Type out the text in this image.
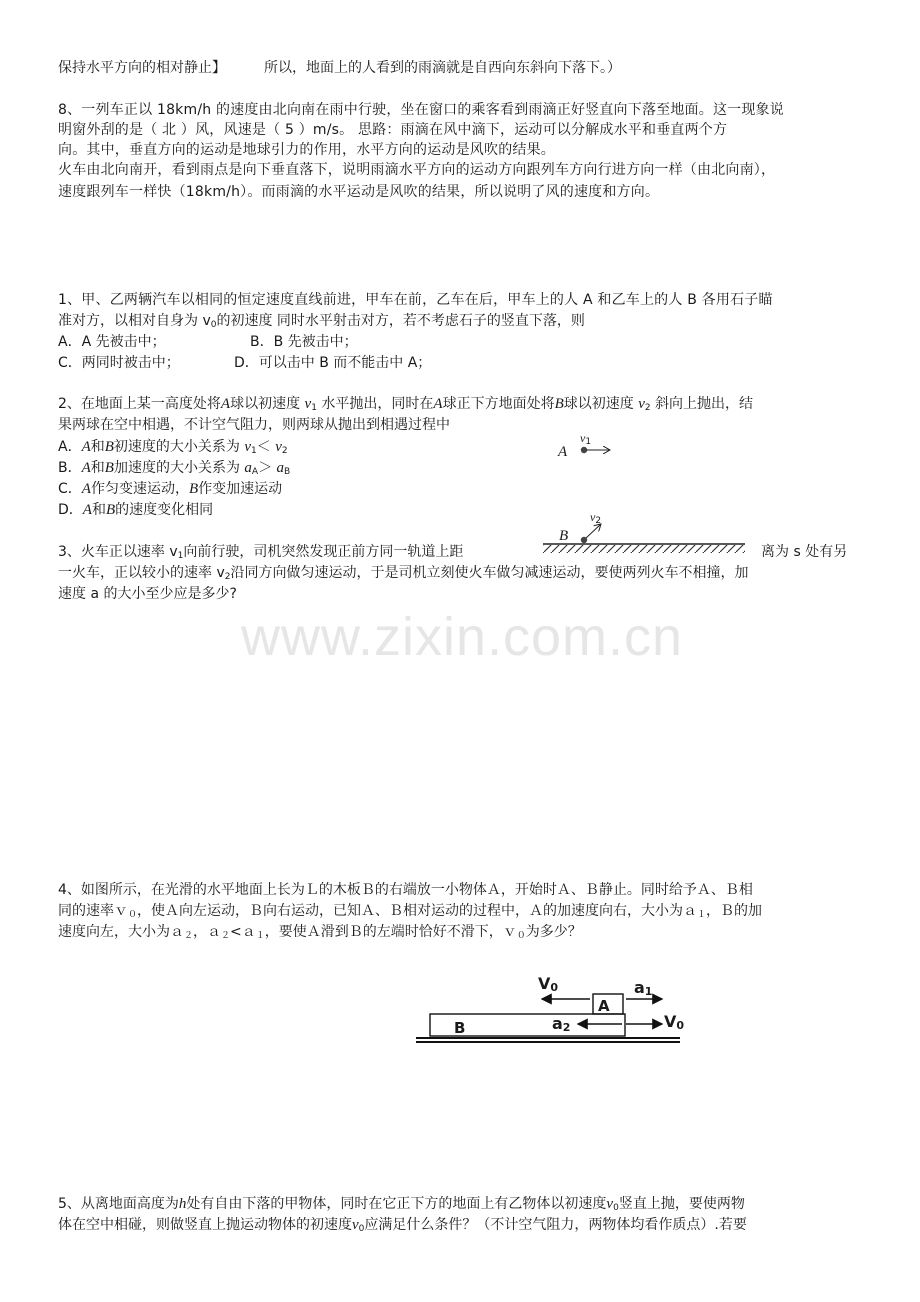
www.zixin.com.cn
保持水平方向的相对静止】	所以，地面上的人看到的雨滴就是自西向东斜向下落下。）
8、一列车正以 18km/h 的速度由北向南在雨中行驶，坐在窗口的乘客看到雨滴正好竖直向下落至地面。这一现象说
明窗外刮的是（ 北 ）风，风速是（ 5 ）m/s。 思路：雨滴在风中滴下，运动可以分解成水平和垂直两个方
向。其中，垂直方向的运动是地球引力的作用，水平方向的运动是风吹的结果。
火车由北向南开，看到雨点是向下垂直落下，说明雨滴水平方向的运动方向跟列车方向行进方向一样（由北向南），
速度跟列车一样快（18km/h）。而雨滴的水平运动是风吹的结果，所以说明了风的速度和方向。
1、甲、乙两辆汽车以相同的恒定速度直线前进，甲车在前，乙车在后，甲车上的人 A 和乙车上的人 B 各用石子瞄
准对方，以相对自身为 $v_0$的初速度 同时水平射击对方，若不考虑石子的竖直下落，则
A．A 先被击中；	B．B 先被击中；
C．两同时被击中；	D．可以击中 B 而不能击中 A；
2、在地面上某一高度处将A球以初速度 $v_1$ 水平抛出，同时在A球正下方地面处将B球以初速度 $v_2$ 斜向上抛出，结
果两球在空中相遇，不计空气阻力，则两球从抛出到相遇过程中
A．A和B初速度的大小关系为 $v_1< v_2$
B．A和B加速度的大小关系为 $a_A> a_B$
C．A作匀变速运动，B作变加速运动
D．A和B的速度变化相同
A
$v_1$
B
$v_2$
3、火车正以速率 $v_1$向前行驶，司机突然发现正前方同一轨道上距	离为 s 处有另
一火车，正以较小的速率 $v_2$沿同方向做匀速运动，于是司机立刻使火车做匀减速运动，要使两列火车不相撞，加
速度 a 的大小至少应是多少?
4、如图所示，在光滑的水平地面上长为Ｌ的木板Ｂ的右端放一小物体Ａ，开始时Ａ、Ｂ静止。同时给予Ａ、Ｂ相
同的速率ｖ$_0$，使Ａ向左运动，Ｂ向右运动，已知Ａ、Ｂ相对运动的过程中，Ａ的加速度向右，大小为ａ$_1$，Ｂ的加
速度向左，大小为ａ$_2$，ａ$_2$<ａ$_1$，要使Ａ滑到Ｂ的左端时恰好不滑下，ｖ$_0$为多少？
$V_0$	$a_1$
A
B	$a_2$	$V_0$
5、从离地面高度为h处有自由下落的甲物体，同时在它正下方的地面上有乙物体以初速度$v_0$竖直上抛，要使两物
体在空中相碰，则做竖直上抛运动物体的初速度$v_0$应满足什么条件？（不计空气阻力，两物体均看作质点）.若要
